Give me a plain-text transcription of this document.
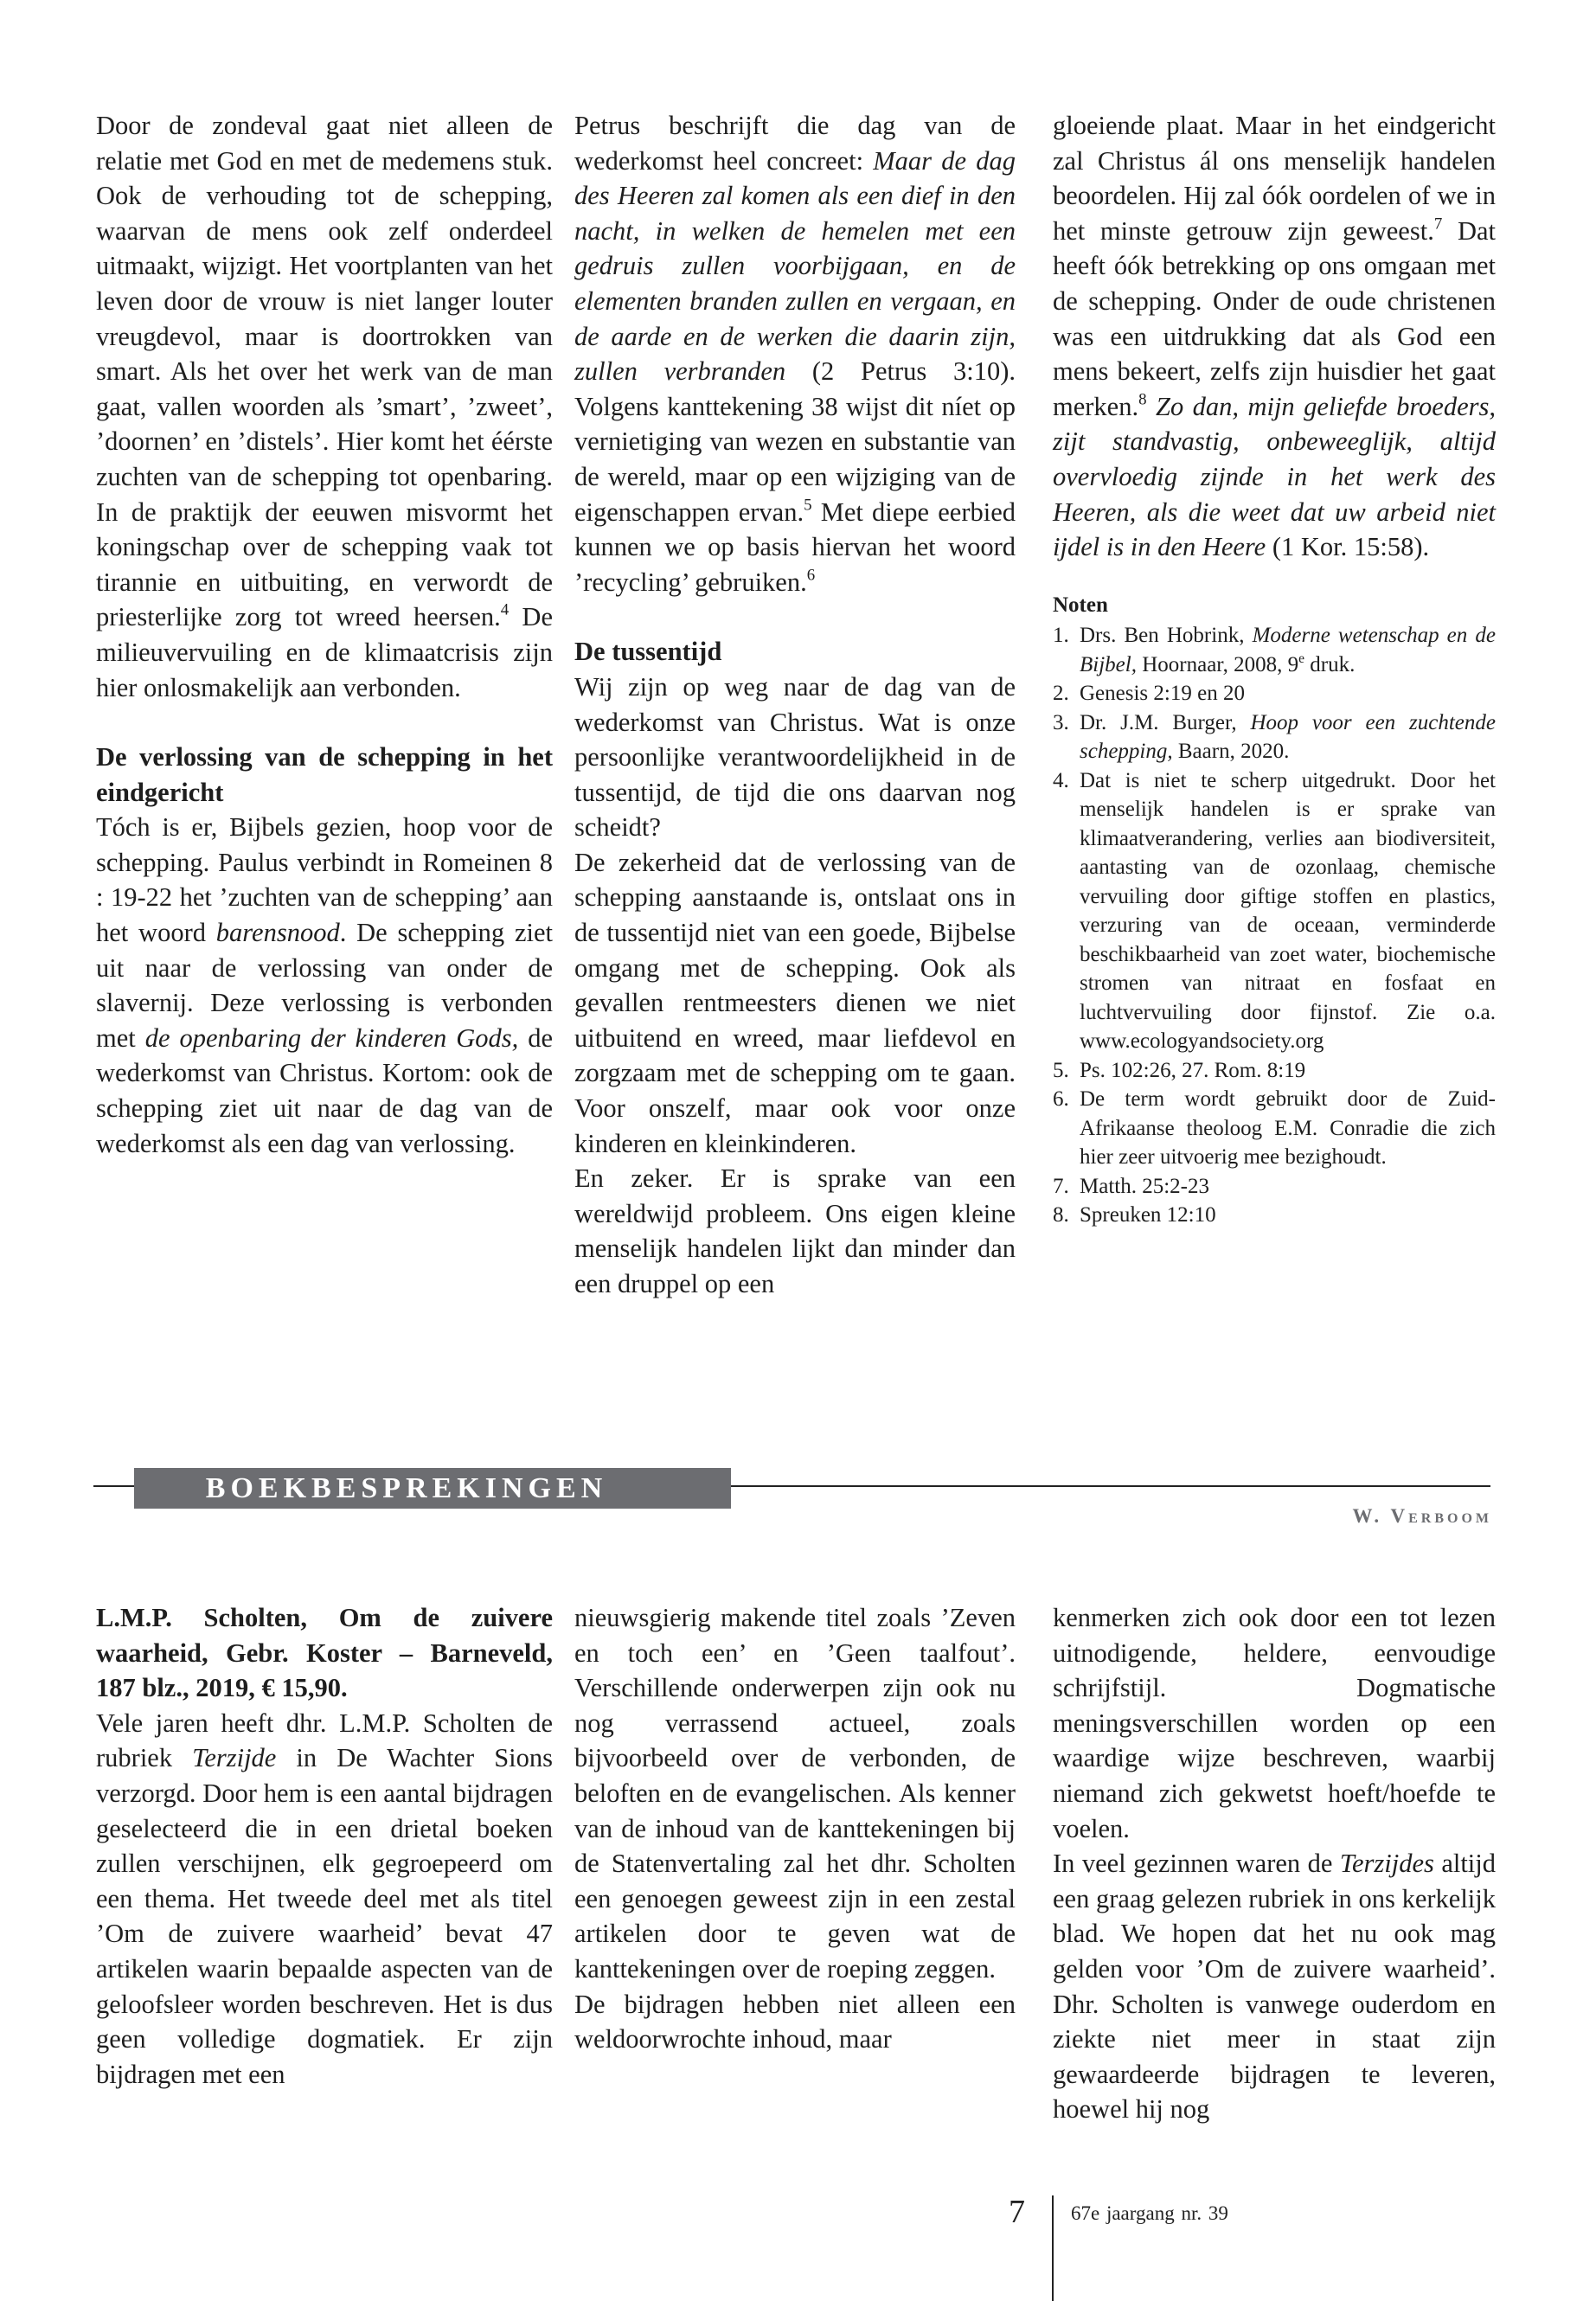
Door de zondeval gaat niet alleen de relatie met God en met de medemens stuk. Ook de verhouding tot de schepping, waarvan de mens ook zelf onderdeel uitmaakt, wijzigt. Het voortplanten van het leven door de vrouw is niet langer louter vreugdevol, maar is doortrokken van smart. Als het over het werk van de man gaat, vallen woorden als ’smart’, ’zweet’, ’doornen’ en ’distels’. Hier komt het éérste zuchten van de schepping tot openbaring. In de praktijk der eeuwen misvormt het koningschap over de schepping vaak tot tirannie en uitbuiting, en verwordt de priesterlijke zorg tot wreed heersen.$^4$ De milieuvervuiling en de klimaatcrisis zijn hier onlosmakelijk aan verbonden.

De verlossing van de schepping in het eindgericht

Tóch is er, Bijbels gezien, hoop voor de schepping. Paulus verbindt in Romeinen 8 : 19-22 het ’zuchten van de schepping’ aan het woord barensnood. De schepping ziet uit naar de verlossing van onder de slavernij. Deze verlossing is verbonden met de openbaring der kinderen Gods, de wederkomst van Christus. Kortom: ook de schepping ziet uit naar de dag van de wederkomst als een dag van verlossing.

Petrus beschrijft die dag van de wederkomst heel concreet: Maar de dag des Heeren zal komen als een dief in den nacht, in welken de hemelen met een gedruis zullen voorbijgaan, en de elementen branden zullen en vergaan, en de aarde en de werken die daarin zijn, zullen verbranden (2 Petrus 3:10). Volgens kanttekening 38 wijst dit níet op vernietiging van wezen en substantie van de wereld, maar op een wijziging van de eigenschappen ervan.$^5$ Met diepe eerbied kunnen we op basis hiervan het woord ’recycling’ gebruiken.$^6$

De tussentijd

Wij zijn op weg naar de dag van de wederkomst van Christus. Wat is onze persoonlijke verantwoordelijkheid in de tussentijd, de tijd die ons daarvan nog scheidt?

De zekerheid dat de verlossing van de schepping aanstaande is, ontslaat ons in de tussentijd niet van een goede, Bijbelse omgang met de schepping. Ook als gevallen rentmeesters dienen we niet uitbuitend en wreed, maar liefdevol en zorgzaam met de schepping om te gaan. Voor onszelf, maar ook voor onze kinderen en kleinkinderen.

En zeker. Er is sprake van een wereldwijd probleem. Ons eigen kleine menselijk handelen lijkt dan minder dan een druppel op een

gloeiende plaat. Maar in het eindgericht zal Christus ál ons menselijk handelen beoordelen. Hij zal óók oordelen of we in het minste getrouw zijn geweest.$^7$ Dat heeft óók betrekking op ons omgaan met de schepping. Onder de oude christenen was een uitdrukking dat als God een mens bekeert, zelfs zijn huisdier het gaat merken.$^8$ Zo dan, mijn geliefde broeders, zijt standvastig, onbeweeglijk, altijd overvloedig zijnde in het werk des Heeren, als die weet dat uw arbeid niet ijdel is in den Heere (1 Kor. 15:58).

Noten
1. Drs. Ben Hobrink, Moderne wetenschap en de Bijbel, Hoornaar, 2008, 9e druk.
2. Genesis 2:19 en 20
3. Dr. J.M. Burger, Hoop voor een zuchtende schepping, Baarn, 2020.
4. Dat is niet te scherp uitgedrukt. Door het menselijk handelen is er sprake van klimaatverandering, verlies aan biodiversiteit, aantasting van de ozonlaag, chemische vervuiling door giftige stoffen en plastics, verzuring van de oceaan, verminderde beschikbaarheid van zoet water, biochemische stromen van nitraat en fosfaat en luchtvervuiling door fijnstof. Zie o.a. www.ecologyandsociety.org
5. Ps. 102:26, 27. Rom. 8:19
6. De term wordt gebruikt door de Zuid-Afrikaanse theoloog E.M. Conradie die zich hier zeer uitvoerig mee bezighoudt.
7. Matth. 25:2-23
8. Spreuken 12:10
BOEKBESPREKINGEN
W. Verboom
L.M.P. Scholten, Om de zuivere waarheid, Gebr. Koster – Barneveld, 187 blz., 2019, € 15,90.

Vele jaren heeft dhr. L.M.P. Scholten de rubriek Terzijde in De Wachter Sions verzorgd. Door hem is een aantal bijdragen geselecteerd die in een drietal boeken zullen verschijnen, elk gegroepeerd om een thema. Het tweede deel met als titel ’Om de zuivere waarheid’ bevat 47 artikelen waarin bepaalde aspecten van de geloofsleer worden beschreven. Het is dus geen volledige dogmatiek. Er zijn bijdragen met een

nieuwsgierig makende titel zoals ’Zeven en toch een’ en ’Geen taalfout’. Verschillende onderwerpen zijn ook nu nog verrassend actueel, zoals bijvoorbeeld over de verbonden, de beloften en de evangelischen. Als kenner van de inhoud van de kanttekeningen bij de Statenvertaling zal het dhr. Scholten een genoegen geweest zijn in een zestal artikelen door te geven wat de kanttekeningen over de roeping zeggen.

De bijdragen hebben niet alleen een weldoorwrochte inhoud, maar

kenmerken zich ook door een tot lezen uitnodigende, heldere, eenvoudige schrijfstijl. Dogmatische meningsverschillen worden op een waardige wijze beschreven, waarbij niemand zich gekwetst hoeft/hoefde te voelen.

In veel gezinnen waren de Terzijdes altijd een graag gelezen rubriek in ons kerkelijk blad. We hopen dat het nu ook mag gelden voor ’Om de zuivere waarheid’. Dhr. Scholten is vanwege ouderdom en ziekte niet meer in staat zijn gewaardeerde bijdragen te leveren, hoewel hij nog

7 67e jaargang nr. 39
